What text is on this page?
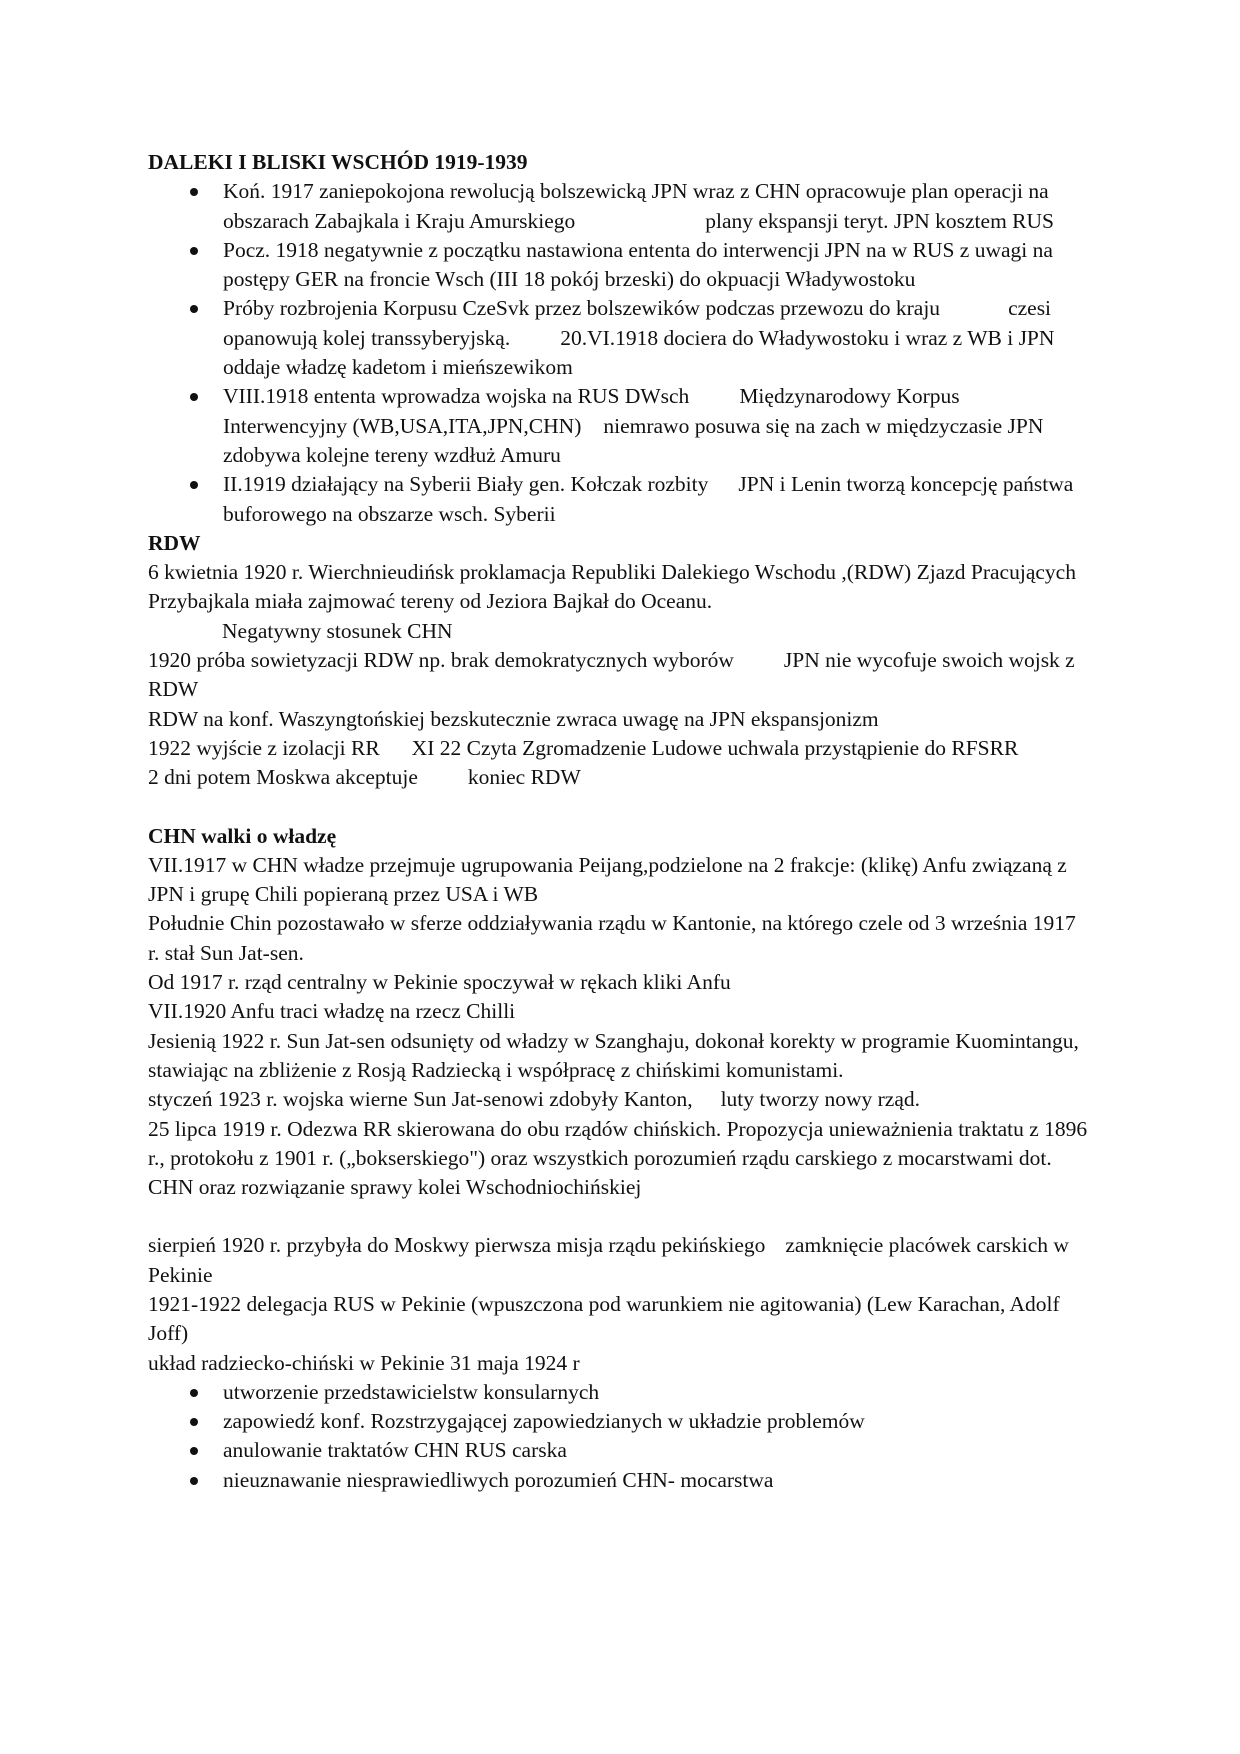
DALEKI I BLISKI WSCHÓD 1919-1939

Koń. 1917 zaniepokojona rewolucją bolszewicką JPN wraz z CHN opracowuje plan operacji na obszarach Zabajkala i Kraju Amurskiego	plany ekspansji teryt. JPN kosztem RUS
Pocz. 1918 negatywnie z początku nastawiona ententa do interwencji JPN na w RUS z uwagi na postępy GER na froncie Wsch (III 18 pokój brzeski) do okpuacji Władywostoku
Próby rozbrojenia Korpusu CzeSvk przez bolszewików podczas przewozu do kraju	czesi opanowują kolej transsyberyjską. 20.VI.1918 dociera do Władywostoku i wraz z WB i JPN oddaje władzę kadetom i mieńszewikom
VIII.1918 ententa wprowadza wojska na RUS DWsch Międzynarodowy Korpus Interwencyjny (WB,USA,ITA,JPN,CHN) niemrawo posuwa się na zach w międzyczasie JPN zdobywa kolejne tereny wzdłuż Amuru
II.1919 działający na Syberii Biały gen. Kołczak rozbity JPN i Lenin tworzą koncepcję państwa buforowego na obszarze wsch. Syberii

RDW

6 kwietnia 1920 r. Wierchnieudińsk proklamacja Republiki Dalekiego Wschodu ,(RDW) Zjazd Pracujących Przybajkala miała zajmować tereny od Jeziora Bajkał do Oceanu.

Negatywny stosunek CHN

1920 próba sowietyzacji RDW np. brak demokratycznych wyborów JPN nie wycofuje swoich wojsk z RDW

RDW na konf. Waszyngtońskiej bezskutecznie zwraca uwagę na JPN ekspansjonizm

1922 wyjście z izolacji RR XI 22 Czyta Zgromadzenie Ludowe uchwala przystąpienie do RFSRR2 dni potem Moskwa akceptuje koniec RDW

CHN walki o władzę

VII.1917 w CHN władze przejmuje ugrupowania Peijang,podzielone na 2 frakcje: (klikę) Anfu związaną z JPN i grupę Chili popieraną przez USA i WB

Południe Chin pozostawało w sferze oddziaływania rządu w Kantonie, na którego czele od 3 września 1917 r. stał Sun Jat-sen.

Od 1917 r. rząd centralny w Pekinie spoczywał w rękach kliki Anfu

VII.1920 Anfu traci władzę na rzecz Chilli

Jesienią 1922 r. Sun Jat-sen odsunięty od władzy w Szanghaju, dokonał korekty w programie Kuomintangu, stawiając na zbliżenie z Rosją Radziecką i współpracę z chińskimi komunistami.

styczeń 1923 r. wojska wierne Sun Jat-senowi zdobyły Kanton, luty tworzy nowy rząd.

25 lipca 1919 r. Odezwa RR skierowana do obu rządów chińskich. Propozycja unieważnienia traktatu z 1896 r., protokołu z 1901 r. („bokserskiego") oraz wszystkich porozumień rządu carskiego z mocarstwami dot. CHN oraz rozwiązanie sprawy kolei Wschodniochińskiej

sierpień 1920 r. przybyła do Moskwy pierwsza misja rządu pekińskiego zamknięcie placówek carskich w Pekinie

1921-1922 delegacja RUS w Pekinie (wpuszczona pod warunkiem nie agitowania) (Lew Karachan, Adolf Joff)

układ radziecko-chiński w Pekinie 31 maja 1924 r

utworzenie przedstawicielstw konsularnych
zapowiedź konf. Rozstrzygającej zapowiedzianych w układzie problemów
anulowanie traktatów CHN RUS carska
nieuznawanie niesprawiedliwych porozumień CHN- mocarstwa
